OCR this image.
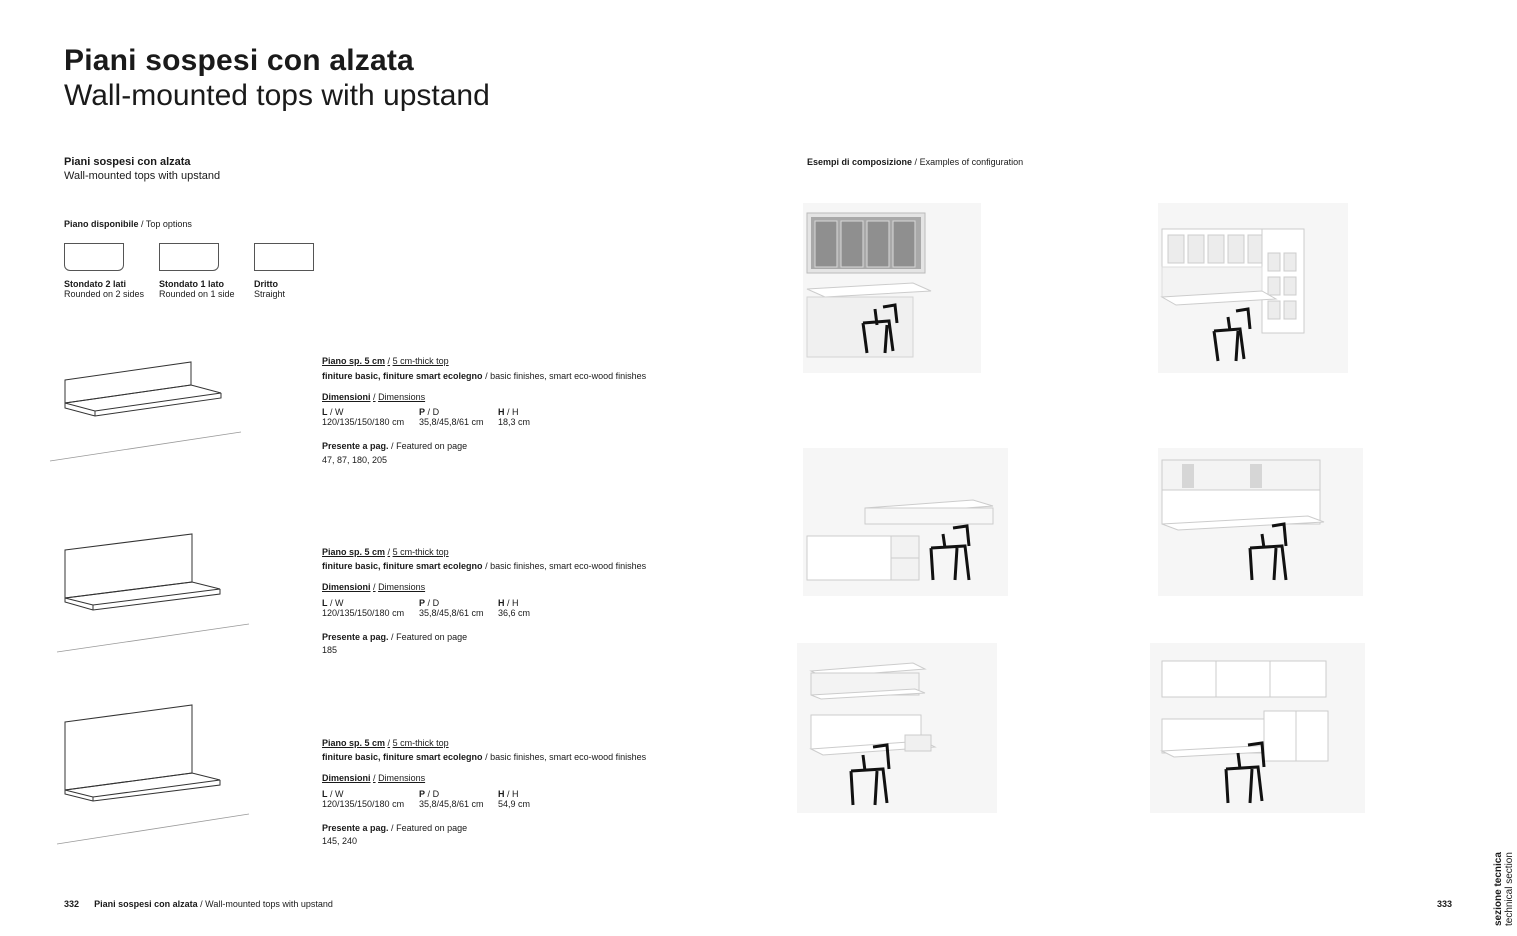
Piani sospesi con alzata
Wall-mounted tops with upstand
Piani sospesi con alzata
Wall-mounted tops with upstand
Piano disponibile / Top options
Stondato 2 lati
Rounded on 2 sides
Stondato 1 lato
Rounded on 1 side
Dritto
Straight
Piano sp. 5 cm / 5 cm-thick top
finiture basic, finiture smart ecolegno / basic finishes, smart eco-wood finishes
Dimensioni / Dimensions
L / W
120/135/150/180 cm
P / D
35,8/45,8/61 cm
H / H
18,3 cm
Presente a pag. / Featured on page
47, 87, 180, 205
Piano sp. 5 cm / 5 cm-thick top
finiture basic, finiture smart ecolegno / basic finishes, smart eco-wood finishes
Dimensioni / Dimensions
L / W
120/135/150/180 cm
P / D
35,8/45,8/61 cm
H / H
36,6 cm
Presente a pag. / Featured on page
185
Piano sp. 5 cm / 5 cm-thick top
finiture basic, finiture smart ecolegno / basic finishes, smart eco-wood finishes
Dimensioni / Dimensions
L / W
120/135/150/180 cm
P / D
35,8/45,8/61 cm
H / H
54,9 cm
Presente a pag. / Featured on page
145, 240
Esempi di composizione / Examples of configuration
332 Piani sospesi con alzata / Wall-mounted tops with upstand	333	sezione tecnica technical section
